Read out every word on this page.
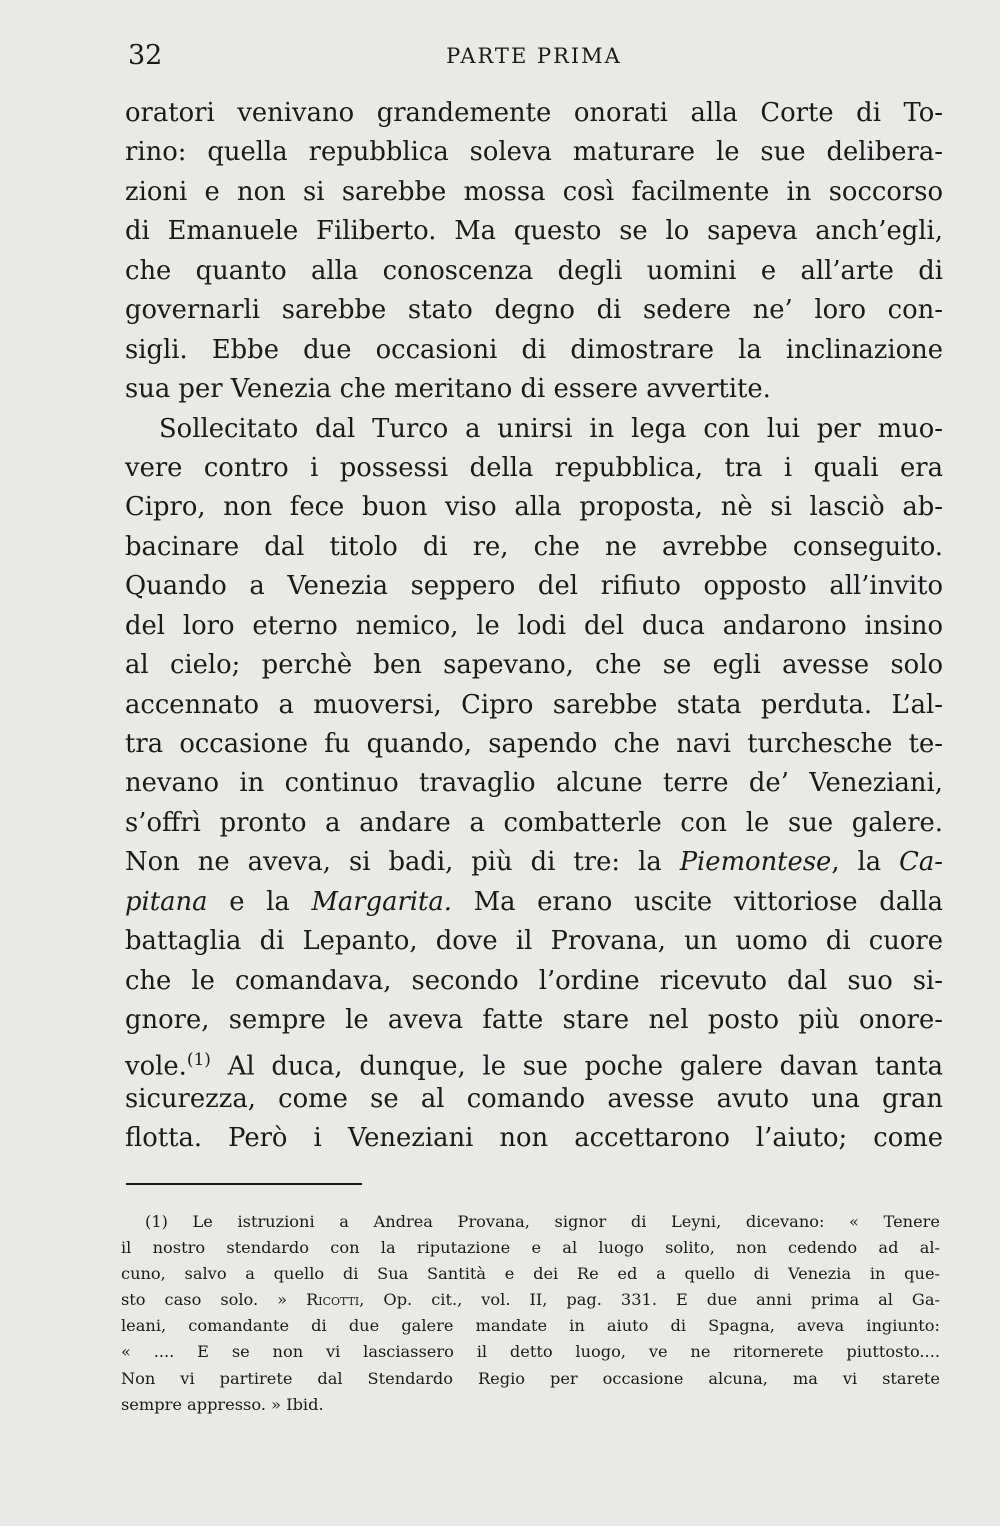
32	PARTE PRIMA
oratori venivano grandemente onorati alla Corte di To-
rino: quella repubblica soleva maturare le sue delibera-
zioni e non si sarebbe mossa così facilmente in soccorso
di Emanuele Filiberto. Ma questo se lo sapeva anch’egli,
che quanto alla conoscenza degli uomini e all’arte di
governarli sarebbe stato degno di sedere ne’ loro con-
sigli. Ebbe due occasioni di dimostrare la inclinazione
sua per Venezia che meritano di essere avvertite.
Sollecitato dal Turco a unirsi in lega con lui per muo-
vere contro i possessi della repubblica, tra i quali era
Cipro, non fece buon viso alla proposta, nè si lasciò ab-
bacinare dal titolo di re, che ne avrebbe conseguito.
Quando a Venezia seppero del rifiuto opposto all’invito
del loro eterno nemico, le lodi del duca andarono insino
al cielo; perchè ben sapevano, che se egli avesse solo
accennato a muoversi, Cipro sarebbe stata perduta. L’al-
tra occasione fu quando, sapendo che navi turchesche te-
nevano in continuo travaglio alcune terre de’ Veneziani,
s’offrì pronto a andare a combatterle con le sue galere.
Non ne aveva, si badi, più di tre: la Piemontese, la Ca-
pitana e la Margarita. Ma erano uscite vittoriose dalla
battaglia di Lepanto, dove il Provana, un uomo di cuore
che le comandava, secondo l’ordine ricevuto dal suo si-
gnore, sempre le aveva fatte stare nel posto più onore-
vole.$^{(1)}$ Al duca, dunque, le sue poche galere davan tanta
sicurezza, come se al comando avesse avuto una gran
flotta. Però i Veneziani non accettarono l’aiuto; come
(1) Le istruzioni a Andrea Provana, signor di Leyni, dicevano: « Tenere
il nostro stendardo con la riputazione e al luogo solito, non cedendo ad al-
cuno, salvo a quello di Sua Santità e dei Re ed a quello di Venezia in que-
sto caso solo. » Ricotti, Op. cit., vol. II, pag. 331. E due anni prima al Ga-
leani, comandante di due galere mandate in aiuto di Spagna, aveva ingiunto:
« .... E se non vi lasciassero il detto luogo, ve ne ritornerete piuttosto....
Non vi partirete dal Stendardo Regio per occasione alcuna, ma vi starete
sempre appresso. » Ibid.
